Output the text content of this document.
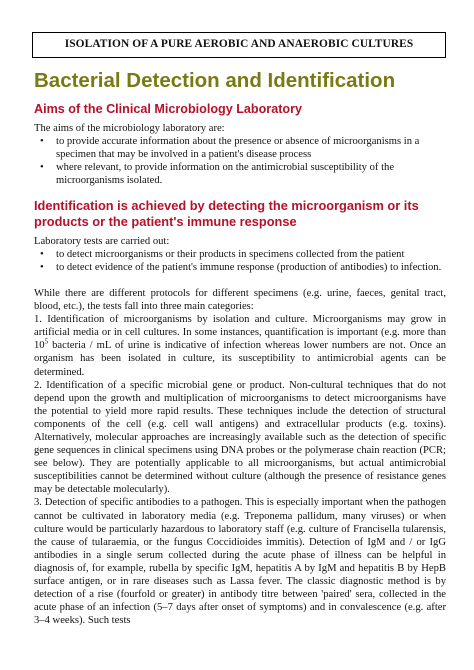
ISOLATION OF A PURE AEROBIC AND ANAEROBIC CULTURES
Bacterial Detection and Identification
Aims of the Clinical Microbiology Laboratory
The aims of the microbiology laboratory are:
• to provide accurate information about the presence or absence of microorganisms in a specimen that may be involved in a patient's disease process
• where relevant, to provide information on the antimicrobial susceptibility of the microorganisms isolated.
Identification is achieved by detecting the microorganism or its products or the patient's immune response
Laboratory tests are carried out:
• to detect microorganisms or their products in specimens collected from the patient
• to detect evidence of the patient's immune response (production of antibodies) to infection.
While there are different protocols for different specimens (e.g. urine, faeces, genital tract, blood, etc.), the tests fall into three main categories:
1. Identification of microorganisms by isolation and culture. Microorganisms may grow in artificial media or in cell cultures. In some instances, quantification is important (e.g. more than $10^5$ bacteria / mL of urine is indicative of infection whereas lower numbers are not. Once an organism has been isolated in culture, its susceptibility to antimicrobial agents can be determined.
2. Identification of a specific microbial gene or product. Non-cultural techniques that do not depend upon the growth and multiplication of microorganisms to detect microorganisms have the potential to yield more rapid results. These techniques include the detection of structural components of the cell (e.g. cell wall antigens) and extracellular products (e.g. toxins). Alternatively, molecular approaches are increasingly available such as the detection of specific gene sequences in clinical specimens using DNA probes or the polymerase chain reaction (PCR; see below). They are potentially applicable to all microorganisms, but actual antimicrobial susceptibilities cannot be determined without culture (although the presence of resistance genes may be detectable molecularly).
3. Detection of specific antibodies to a pathogen. This is especially important when the pathogen cannot be cultivated in laboratory media (e.g. Treponema pallidum, many viruses) or when culture would be particularly hazardous to laboratory staff (e.g. culture of Francisella tularensis, the cause of tularaemia, or the fungus Coccidioides immitis). Detection of IgM and / or IgG antibodies in a single serum collected during the acute phase of illness can be helpful in diagnosis of, for example, rubella by specific IgM, hepatitis A by IgM and hepatitis B by HepB surface antigen, or in rare diseases such as Lassa fever. The classic diagnostic method is by detection of a rise (fourfold or greater) in antibody titre between 'paired' sera, collected in the acute phase of an infection (5–7 days after onset of symptoms) and in convalescence (e.g. after 3–4 weeks). Such tests
